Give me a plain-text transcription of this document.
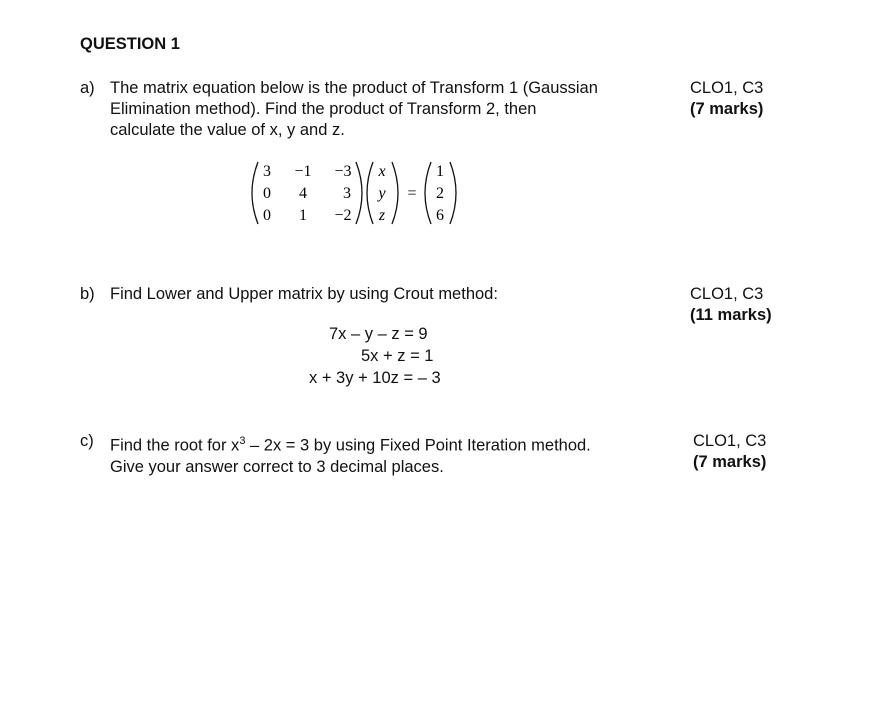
QUESTION 1
a) The matrix equation below is the product of Transform 1 (Gaussian
Elimination method). Find the product of Transform 2, then
calculate the value of x, y and z.
CLO1, C3
(7 marks)
3 −1 −3
0 4 3
0 1 −2
x
y
z
=
1
2
6
b) Find Lower and Upper matrix by using Crout method:	CLO1, C3
(11 marks)
7x – y – z = 9
5x + z = 1
x + 3y + 10z = – 3
c) Find the root for $x^3 - 2x = 3$ by using Fixed Point Iteration method.
Give your answer correct to 3 decimal places.
CLO1, C3
(7 marks)
